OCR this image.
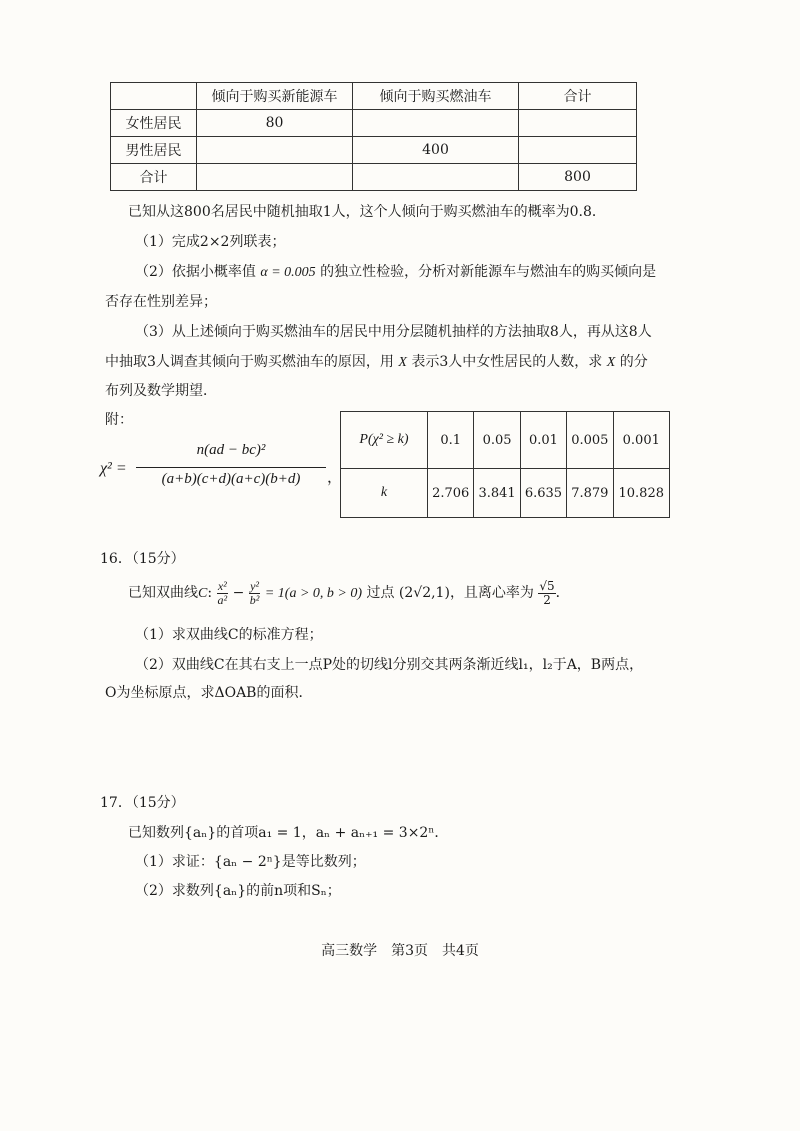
	倾向于购买新能源车	倾向于购买燃油车	合计
女性居民	80		
男性居民		400	
合计			800
已知从这800名居民中随机抽取1人，这个人倾向于购买燃油车的概率为0.8．
（1）完成2×2列联表；
（2）依据小概率值 α = 0.005 的独立性检验，分析对新能源车与燃油车的购买倾向是
否存在性别差异；
（3）从上述倾向于购买燃油车的居民中用分层随机抽样的方法抽取8人，再从这8人
中抽取3人调查其倾向于购买燃油车的原因，用 X 表示3人中女性居民的人数，求 X 的分
布列及数学期望．
附：
χ² =
n(ad − bc)²
(a+b)(c+d)(a+c)(b+d)	，
P(χ² ≥ k)	0.1	0.05	0.01	0.005	0.001
k	2.706	3.841	6.635	7.879	10.828
16．（15分）
已知双曲线C: $\frac{\text{x²}}{\text{a²}} - \frac{\text{y²}}{\text{b²}} = 1(a > 0$, b > 0) 过点 (2√2,1)，且离心率为 $\frac{√5}{2}$ ．
（1）求双曲线C的标准方程；
（2）双曲线C在其右支上一点P处的切线l分别交其两条渐近线l₁，l₂于A，B两点，
O为坐标原点，求ΔOAB的面积．
17．（15分）
已知数列{aₙ}的首项a₁ = 1，aₙ + aₙ₊₁ = 3×2ⁿ．
（1）求证：{aₙ − 2ⁿ}是等比数列；
（2）求数列{aₙ}的前n项和Sₙ；
高三数学　第3页　共4页
